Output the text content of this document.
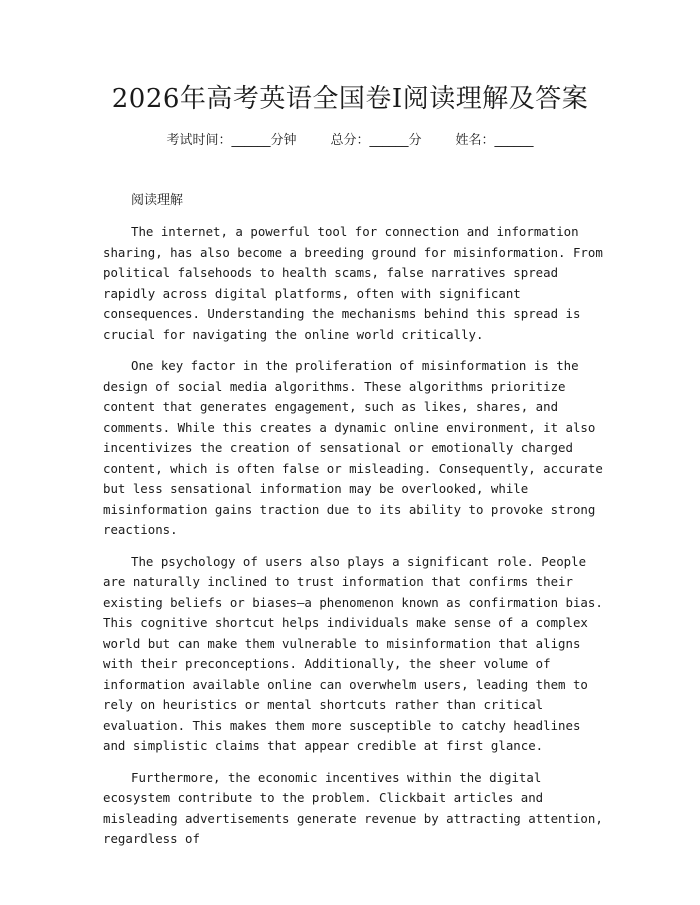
2026年高考英语全国卷Ⅰ阅读理解及答案
考试时间：______分钟	总分：______分	姓名：______
阅读理解

The internet, a powerful tool for connection and information sharing, has also become a breeding ground for misinformation. From political falsehoods to health scams, false narratives spread rapidly across digital platforms, often with significant consequences. Understanding the mechanisms behind this spread is crucial for navigating the online world critically.

One key factor in the proliferation of misinformation is the design of social media algorithms. These algorithms prioritize content that generates engagement, such as likes, shares, and comments. While this creates a dynamic online environment, it also incentivizes the creation of sensational or emotionally charged content, which is often false or misleading. Consequently, accurate but less sensational information may be overlooked, while misinformation gains traction due to its ability to provoke strong reactions.

The psychology of users also plays a significant role. People are naturally inclined to trust information that confirms their existing beliefs or biases—a phenomenon known as confirmation bias. This cognitive shortcut helps individuals make sense of a complex world but can make them vulnerable to misinformation that aligns with their preconceptions. Additionally, the sheer volume of information available online can overwhelm users, leading them to rely on heuristics or mental shortcuts rather than critical evaluation. This makes them more susceptible to catchy headlines and simplistic claims that appear credible at first glance.

Furthermore, the economic incentives within the digital ecosystem contribute to the problem. Clickbait articles and misleading advertisements generate revenue by attracting attention, regardless of
